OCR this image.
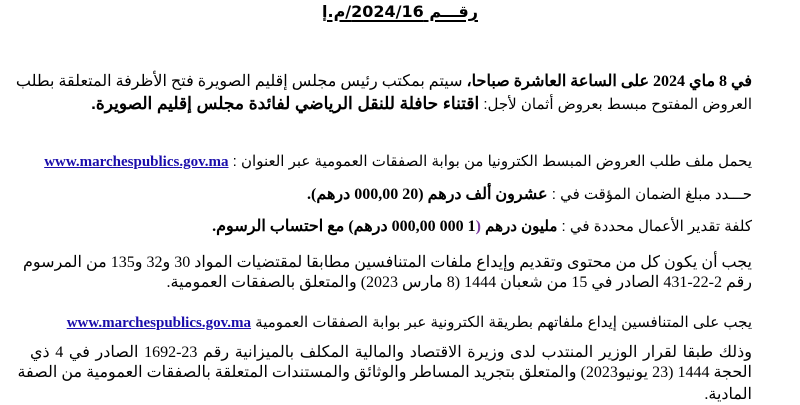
رقـــم 2024/16/م.إ
في 8 ماي 2024 على الساعة العاشرة صباحا، سيتم بمكتب رئيس مجلس إقليم الصويرة فتح الأظرفة المتعلقة بطلب
العروض المفتوح مبسط بعروض أثمان لأجل: اقتناء حافلة للنقل الرياضي لفائدة مجلس إقليم الصويرة.
يحمل ملف طلب العروض المبسط الكترونيا من بوابة الصفقات العمومية عبر العنوان : www.marchespublics.gov.ma
حـــدد مبلغ الضمان المؤقت في : عشرون ألف درهم (20 000,00 درهم).
كلفة تقدير الأعمال محددة في : مليون درهم (1 000 000,00 درهم) مع احتساب الرسوم.
يجب أن يكون كل من محتوى وتقديم وإيداع ملفات المتنافسين مطابقا لمقتضيات المواد 30 و32 و135 من المرسوم
رقم 2-22-431 الصادر في 15 من شعبان 1444 (8 مارس 2023) والمتعلق بالصفقات العمومية.
يجب على المتنافسين إيداع ملفاتهم بطريقة الكترونية عبر بوابة الصفقات العمومية www.marchespublics.gov.ma
وذلك طبقا لقرار الوزير المنتدب لدى وزيرة الاقتصاد والمالية المكلف بالميزانية رقم 23-1692 الصادر في 4 ذي
الحجة 1444 (23 يونيو2023) والمتعلق بتجريد المساطر والوثائق والمستندات المتعلقة بالصفقات العمومية من الصفة
المادية.
